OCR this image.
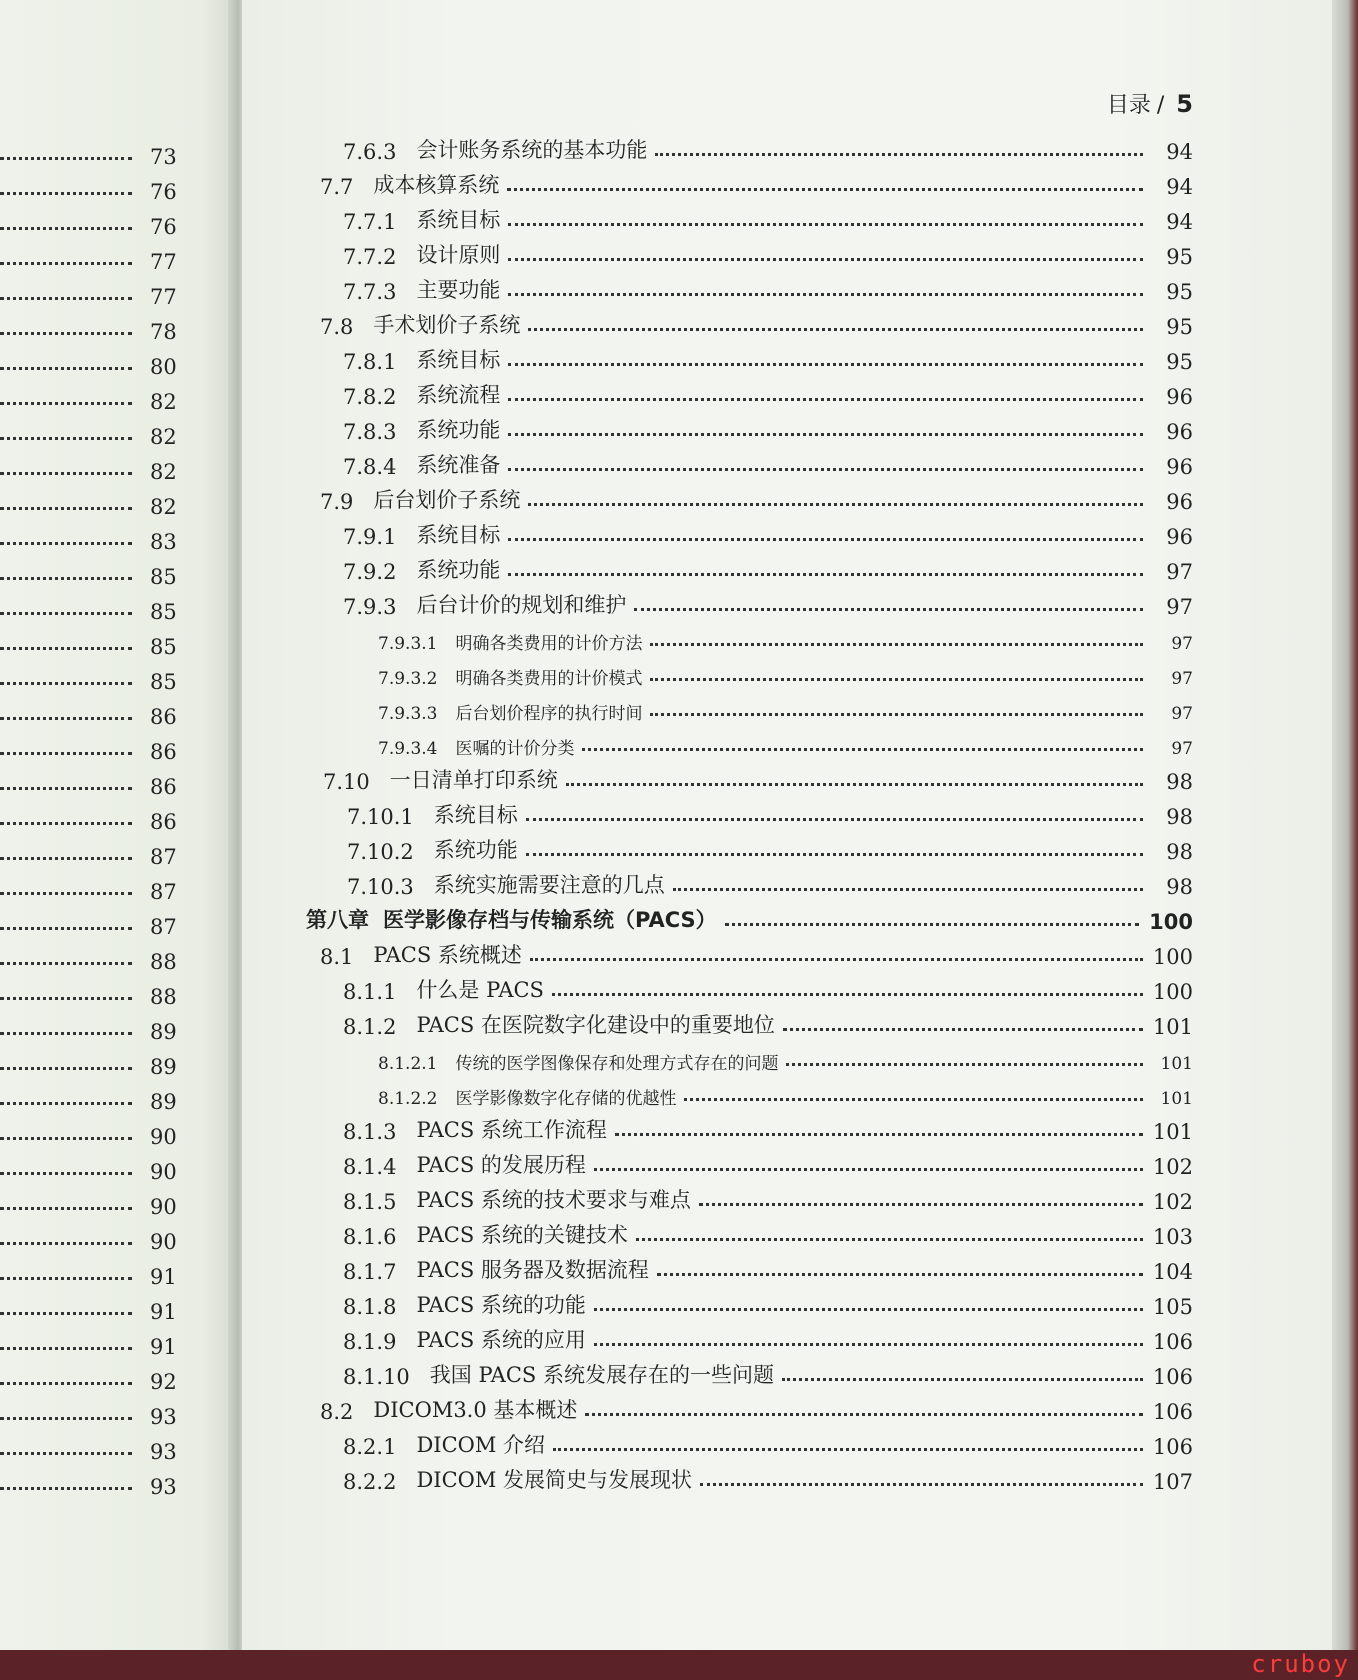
目录 / 5
73
76
76
77
77
78
80
82
82
82
82
83
85
85
85
85
86
86
86
86
87
87
87
88
88
89
89
89
90
90
90
90
91
91
91
92
93
93
93
7.6.3 会计账务系统的基本功能	94
7.7 成本核算系统	94
7.7.1 系统目标	94
7.7.2 设计原则	95
7.7.3 主要功能	95
7.8 手术划价子系统	95
7.8.1 系统目标	95
7.8.2 系统流程	96
7.8.3 系统功能	96
7.8.4 系统准备	96
7.9 后台划价子系统	96
7.9.1 系统目标	96
7.9.2 系统功能	97
7.9.3 后台计价的规划和维护	97
7.9.3.1 明确各类费用的计价方法	97
7.9.3.2 明确各类费用的计价模式	97
7.9.3.3 后台划价程序的执行时间	97
7.9.3.4 医嘱的计价分类	97
7.10 一日清单打印系统	98
7.10.1 系统目标	98
7.10.2 系统功能	98
7.10.3 系统实施需要注意的几点	98
第八章 医学影像存档与传输系统（PACS）	100
8.1 PACS 系统概述	100
8.1.1 什么是 PACS	100
8.1.2 PACS 在医院数字化建设中的重要地位	101
8.1.2.1 传统的医学图像保存和处理方式存在的问题	101
8.1.2.2 医学影像数字化存储的优越性	101
8.1.3 PACS 系统工作流程	101
8.1.4 PACS 的发展历程	102
8.1.5 PACS 系统的技术要求与难点	102
8.1.6 PACS 系统的关键技术	103
8.1.7 PACS 服务器及数据流程	104
8.1.8 PACS 系统的功能	105
8.1.9 PACS 系统的应用	106
8.1.10 我国 PACS 系统发展存在的一些问题	106
8.2 DICOM3.0 基本概述	106
8.2.1 DICOM 介绍	106
8.2.2 DICOM 发展简史与发展现状	107
cruboy
